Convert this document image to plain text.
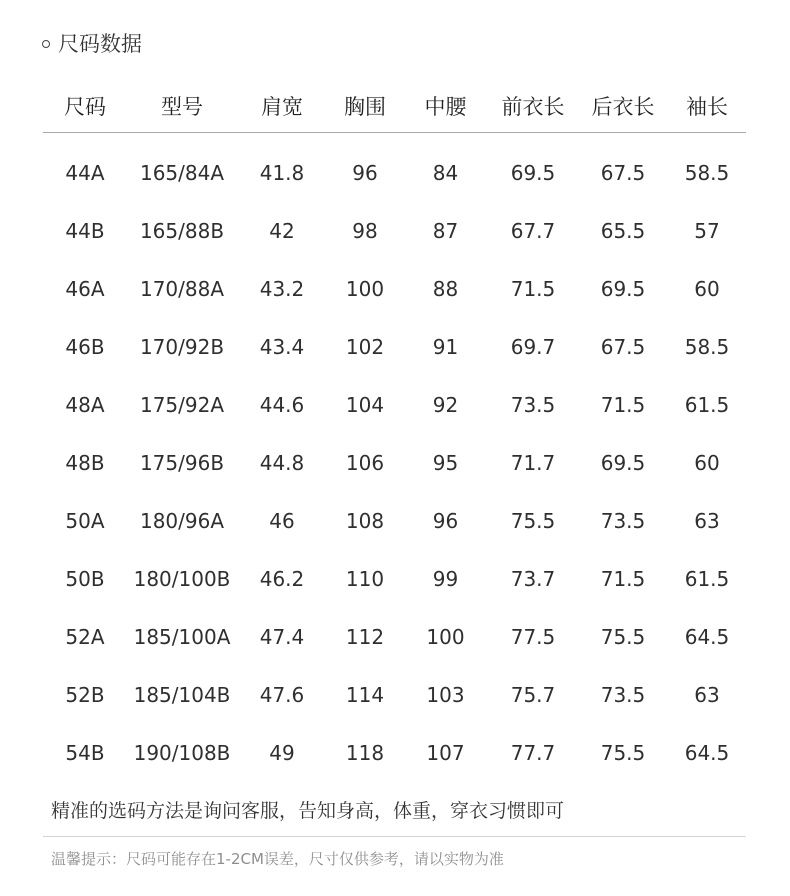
尺码数据
尺码	型号	肩宽	胸围	中腰	前衣长	后衣长	袖长
44A	165/84A	41.8	96	84	69.5	67.5	58.5
44B	165/88B	42	98	87	67.7	65.5	57
46A	170/88A	43.2	100	88	71.5	69.5	60
46B	170/92B	43.4	102	91	69.7	67.5	58.5
48A	175/92A	44.6	104	92	73.5	71.5	61.5
48B	175/96B	44.8	106	95	71.7	69.5	60
50A	180/96A	46	108	96	75.5	73.5	63
50B	180/100B	46.2	110	99	73.7	71.5	61.5
52A	185/100A	47.4	112	100	77.5	75.5	64.5
52B	185/104B	47.6	114	103	75.7	73.5	63
54B	190/108B	49	118	107	77.7	75.5	64.5
精准的选码方法是询问客服，告知身高，体重，穿衣习惯即可
温馨提示：尺码可能存在1-2CM误差，尺寸仅供参考，请以实物为准
